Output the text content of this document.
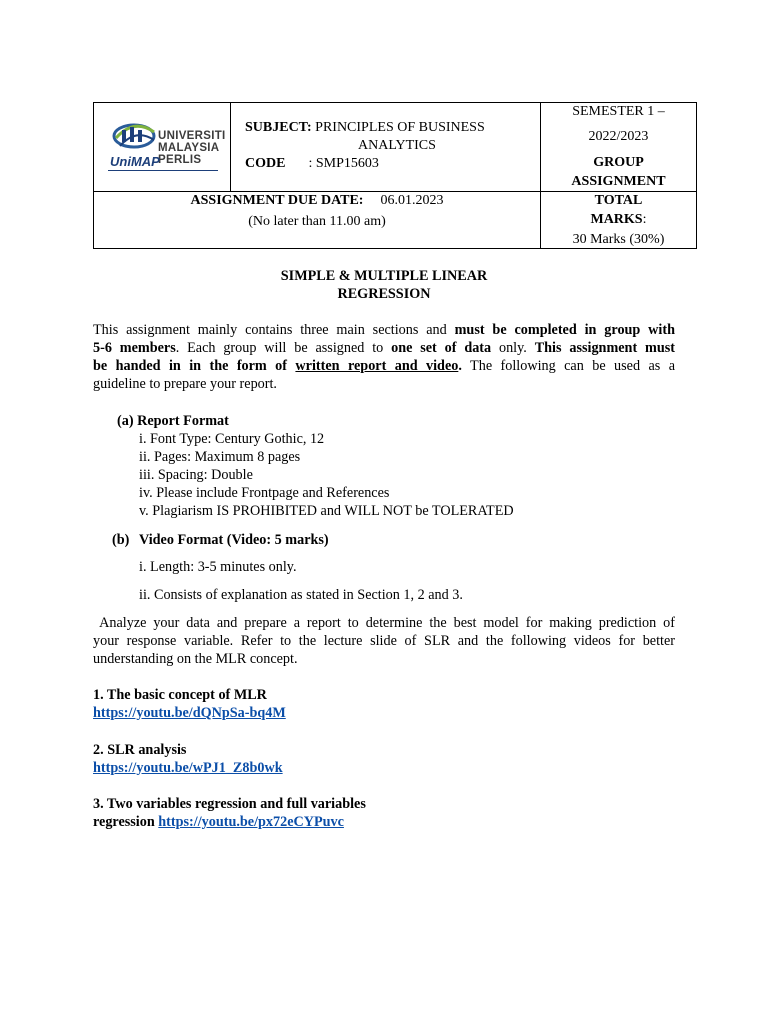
UNIVERSITI
MALAYSIA
PERLIS
UniMAP
SUBJECT: PRINCIPLES OF BUSINESS
ANALYTICS
CODE : SMP15603
SEMESTER 1 –
2022/2023
GROUP
ASSIGNMENT
ASSIGNMENT DUE DATE: 06.01.2023
(No later than 11.00 am)
TOTAL
MARKS:
30 Marks (30%)
SIMPLE & MULTIPLE LINEAR
REGRESSION
This assignment mainly contains three main sections and must be completed in group with
5-6 members. Each group will be assigned to one set of data only. This assignment must
be handed in in the form of written report and video. The following can be used as a
guideline to prepare your report.
(a) Report Format
i. Font Type: Century Gothic, 12
ii. Pages: Maximum 8 pages
iii. Spacing: Double
iv. Please include Frontpage and References
v. Plagiarism IS PROHIBITED and WILL NOT be TOLERATED
(b) Video Format (Video: 5 marks)
i. Length: 3-5 minutes only.
ii. Consists of explanation as stated in Section 1, 2 and 3.
Analyze your data and prepare a report to determine the best model for making prediction of
your response variable. Refer to the lecture slide of SLR and the following videos for better
understanding on the MLR concept.
1. The basic concept of MLR
https://youtu.be/dQNpSa-bq4M
2. SLR analysis
https://youtu.be/wPJ1_Z8b0wk
3. Two variables regression and full variables
regression https://youtu.be/px72eCYPuvc
